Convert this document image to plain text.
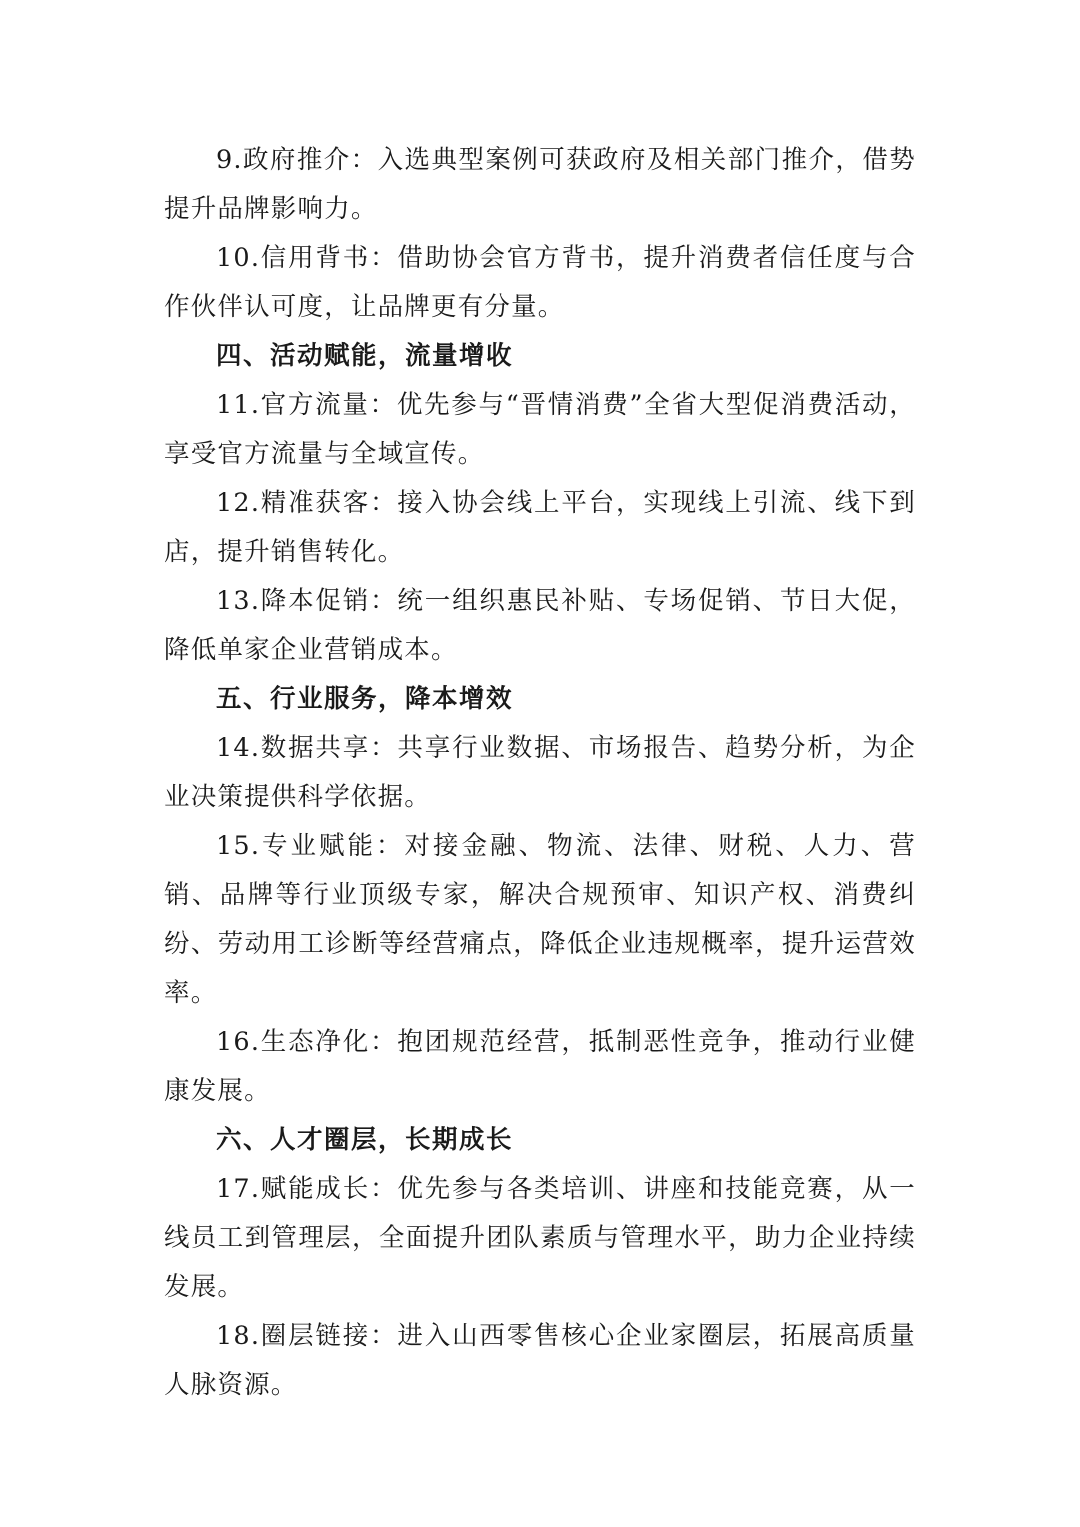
9.政府推介：入选典型案例可获政府及相关部门推介，借势提升品牌影响力。

10.信用背书：借助协会官方背书，提升消费者信任度与合作伙伴认可度，让品牌更有分量。

四、活动赋能，流量增收

11.官方流量：优先参与“晋情消费”全省大型促消费活动，享受官方流量与全域宣传。

12.精准获客：接入协会线上平台，实现线上引流、线下到店，提升销售转化。

13.降本促销：统一组织惠民补贴、专场促销、节日大促，降低单家企业营销成本。

五、行业服务，降本增效

14.数据共享：共享行业数据、市场报告、趋势分析，为企业决策提供科学依据。

15.专业赋能：对接金融、物流、法律、财税、人力、营销、品牌等行业顶级专家，解决合规预审、知识产权、消费纠纷、劳动用工诊断等经营痛点，降低企业违规概率，提升运营效率。

16.生态净化：抱团规范经营，抵制恶性竞争，推动行业健康发展。

六、人才圈层，长期成长

17.赋能成长：优先参与各类培训、讲座和技能竞赛，从一线员工到管理层，全面提升团队素质与管理水平，助力企业持续发展。

18.圈层链接：进入山西零售核心企业家圈层，拓展高质量人脉资源。
